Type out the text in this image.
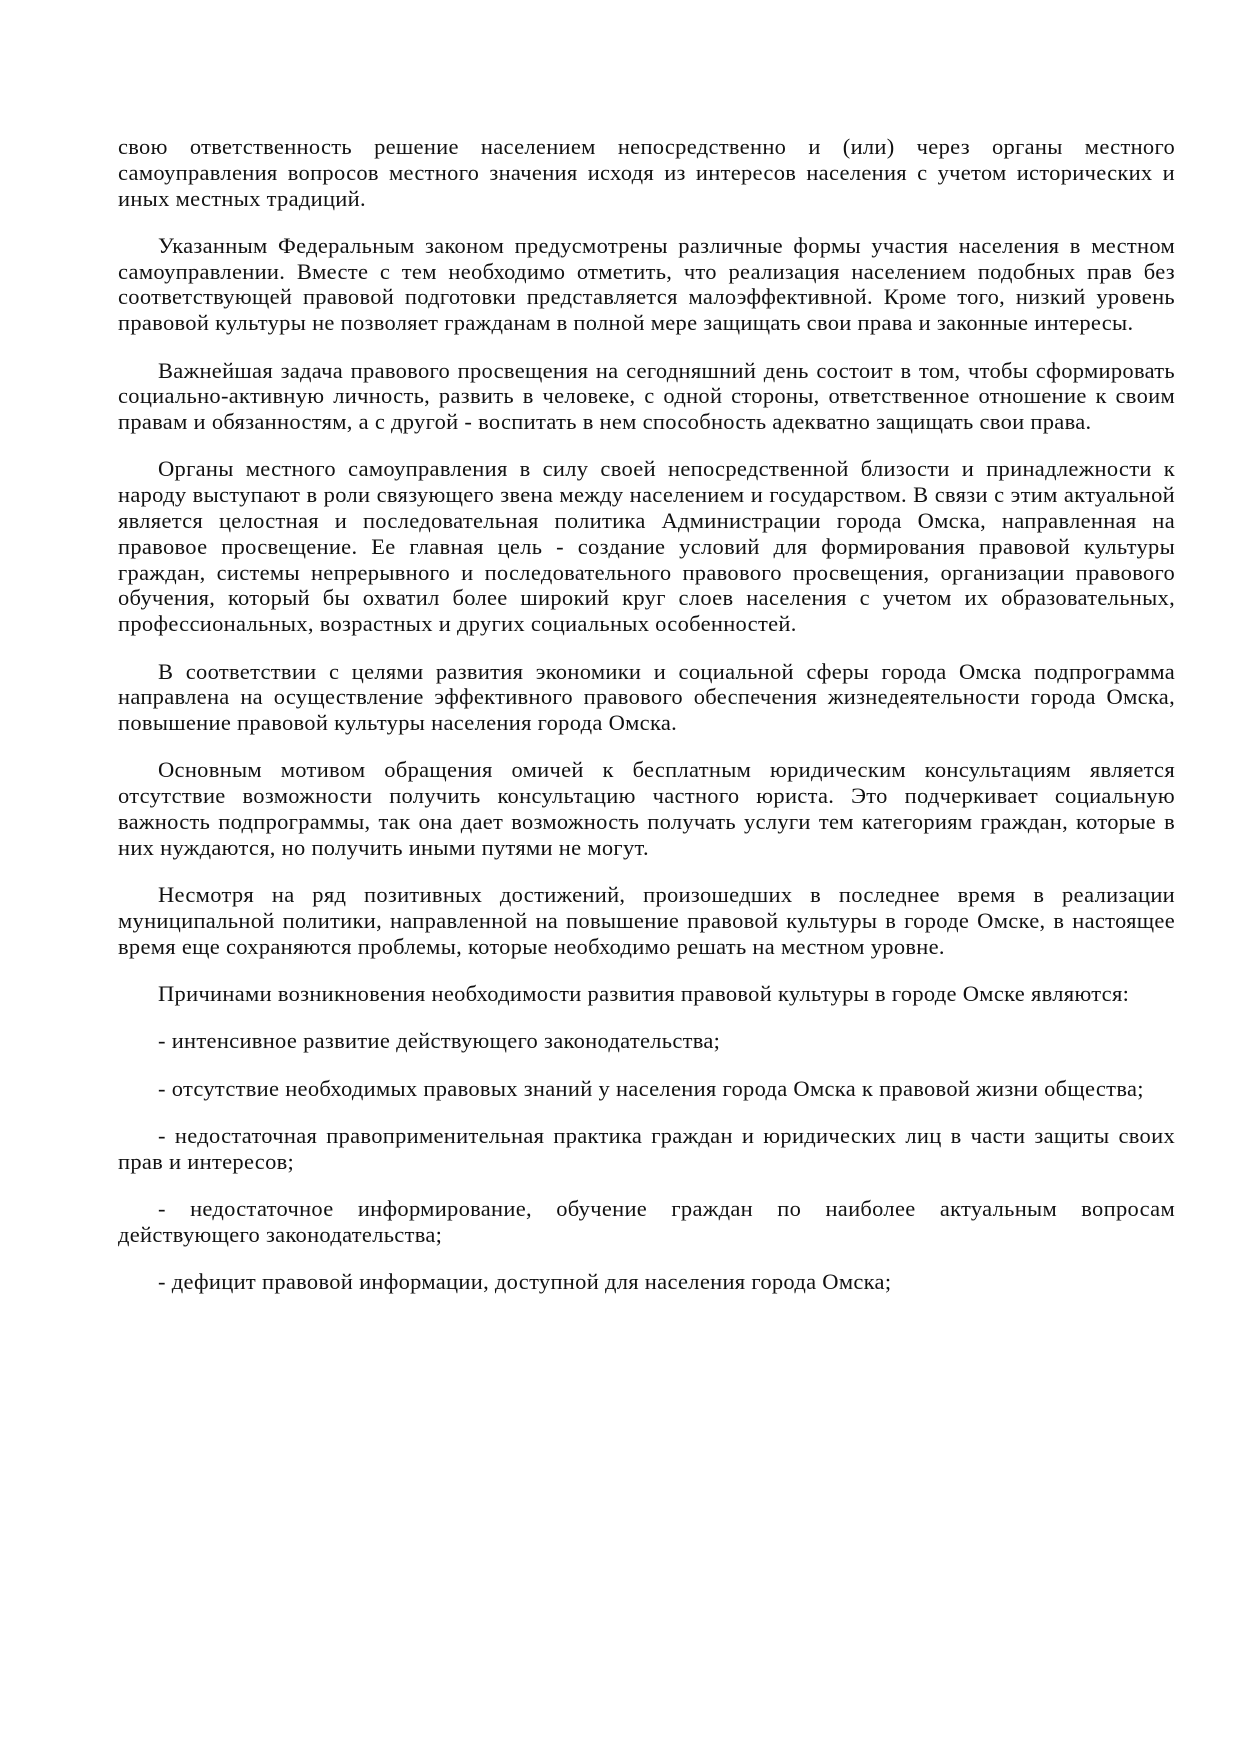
свою ответственность решение населением непосредственно и (или) через органы местного самоуправления вопросов местного значения исходя из интересов населения с учетом исторических и иных местных традиций.

Указанным Федеральным законом предусмотрены различные формы участия населения в местном самоуправлении. Вместе с тем необходимо отметить, что реализация населением подобных прав без соответствующей правовой подготовки представляется малоэффективной. Кроме того, низкий уровень правовой культуры не позволяет гражданам в полной мере защищать свои права и законные интересы.

Важнейшая задача правового просвещения на сегодняшний день состоит в том, чтобы сформировать социально-активную личность, развить в человеке, с одной стороны, ответственное отношение к своим правам и обязанностям, а с другой - воспитать в нем способность адекватно защищать свои права.

Органы местного самоуправления в силу своей непосредственной близости и принадлежности к народу выступают в роли связующего звена между населением и государством. В связи с этим актуальной является целостная и последовательная политика Администрации города Омска, направленная на правовое просвещение. Ее главная цель - создание условий для формирования правовой культуры граждан, системы непрерывного и последовательного правового просвещения, организации правового обучения, который бы охватил более широкий круг слоев населения с учетом их образовательных, профессиональных, возрастных и других социальных особенностей.

В соответствии с целями развития экономики и социальной сферы города Омска подпрограмма направлена на осуществление эффективного правового обеспечения жизнедеятельности города Омска, повышение правовой культуры населения города Омска.

Основным мотивом обращения омичей к бесплатным юридическим консультациям является отсутствие возможности получить консультацию частного юриста. Это подчеркивает социальную важность подпрограммы, так она дает возможность получать услуги тем категориям граждан, которые в них нуждаются, но получить иными путями не могут.

Несмотря на ряд позитивных достижений, произошедших в последнее время в реализации муниципальной политики, направленной на повышение правовой культуры в городе Омске, в настоящее время еще сохраняются проблемы, которые необходимо решать на местном уровне.

Причинами возникновения необходимости развития правовой культуры в городе Омске являются:

- интенсивное развитие действующего законодательства;

- отсутствие необходимых правовых знаний у населения города Омска к правовой жизни общества;

- недостаточная правоприменительная практика граждан и юридических лиц в части защиты своих прав и интересов;

- недостаточное информирование, обучение граждан по наиболее актуальным вопросам действующего законодательства;

- дефицит правовой информации, доступной для населения города Омска;
